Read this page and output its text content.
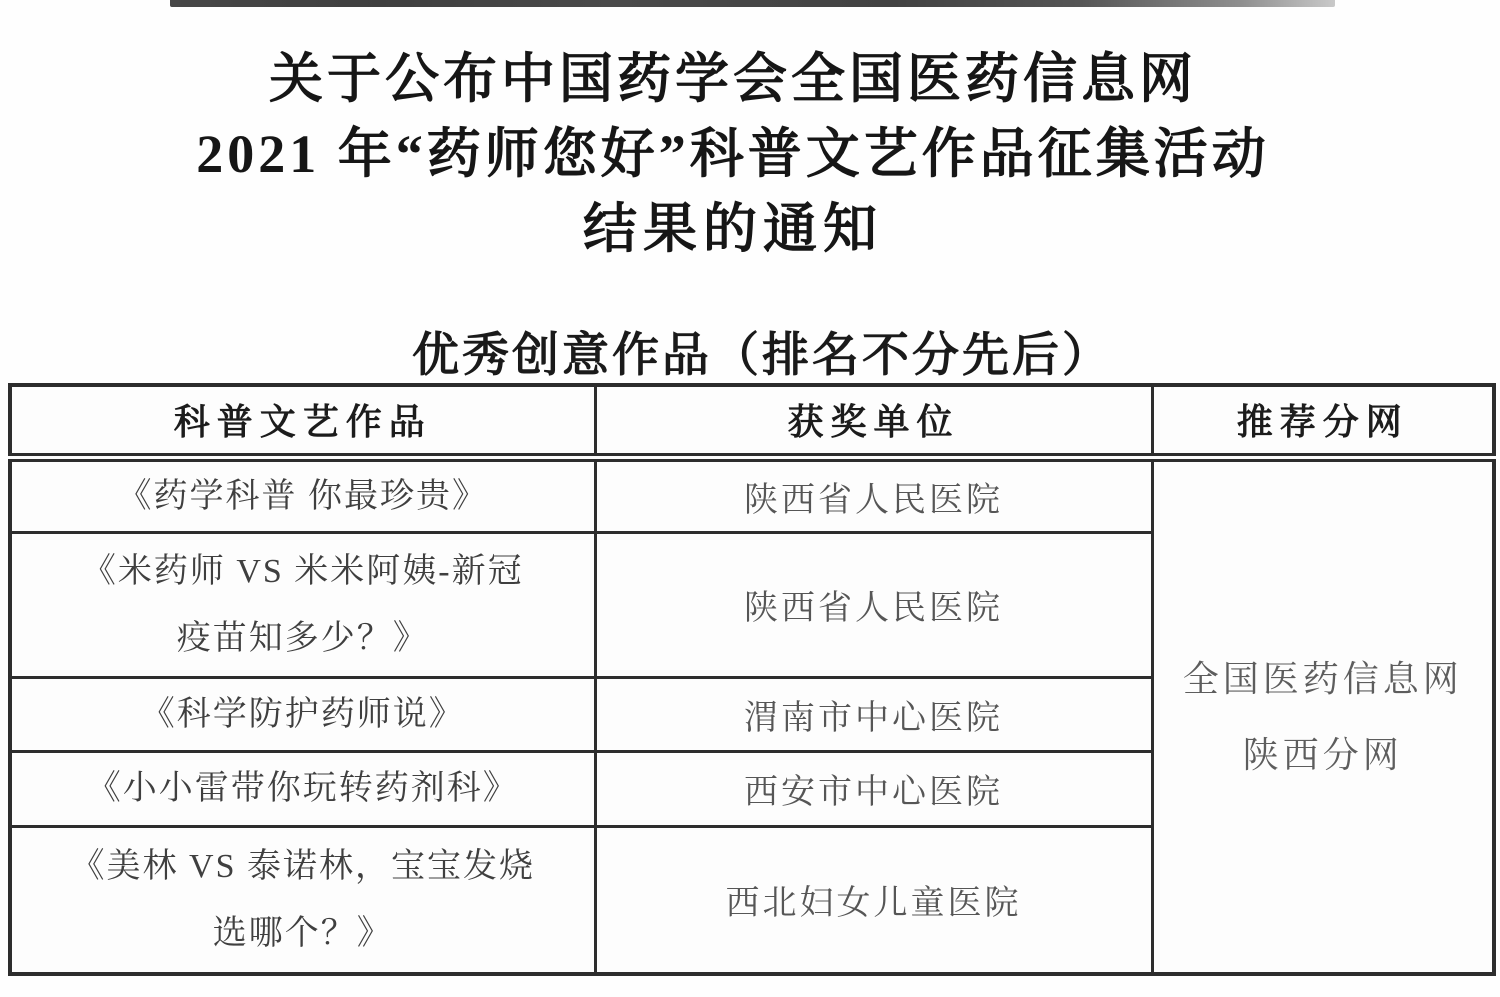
关于公布中国药学会全国医药信息网
2021 年“药师您好”科普文艺作品征集活动
结果的通知
优秀创意作品（排名不分先后）
科普文艺作品	获奖单位	推荐分网

《药学科普 你最珍贵》	陕西省人民医院	全国医药信息网
陕西分网

《米药师 VS 米米阿姨-新冠
疫苗知多少？》	陕西省人民医院	

《科学防护药师说》	渭南市中心医院	

《小小雷带你玩转药剂科》	西安市中心医院	

《美林 VS 泰诺林，宝宝发烧
选哪个？》	西北妇女儿童医院	
